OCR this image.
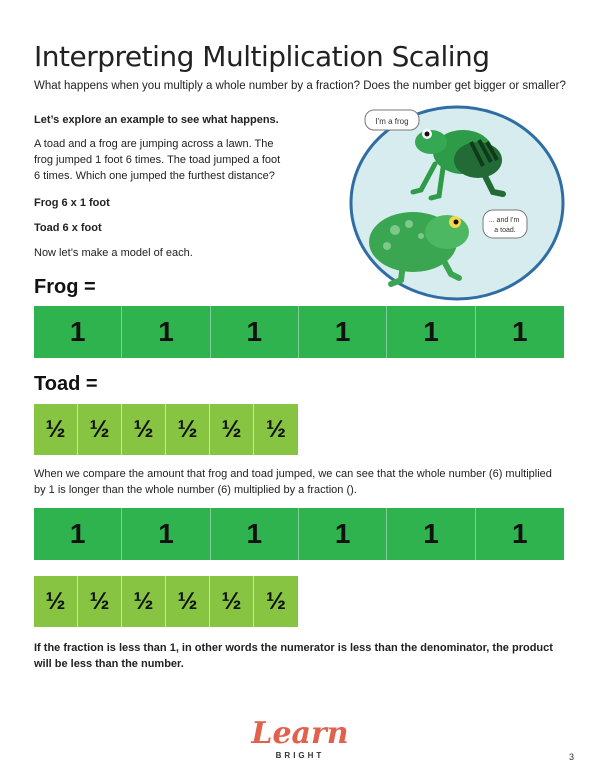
Interpreting Multiplication Scaling
What happens when you multiply a whole number by a fraction? Does the number get bigger or smaller?
Let’s explore an example to see what happens.
A toad and a frog are jumping across a lawn. The
frog jumped 1 foot 6 times. The toad jumped a foot
6 times. Which one jumped the furthest distance?
Frog 6 x 1 foot
Toad 6 x foot
Now let’s make a model of each.
I'm a frog
... and I'm a toad.
Frog =
1	1	1	1	1	1
Toad =
½ ½ ½ ½ ½	½
When we compare the amount that frog and toad jumped, we can see that the whole number (6) multiplied
by 1 is longer than the whole number (6) multiplied by a fraction ().
1	1	1	1	1	1
½ ½ ½ ½ ½	½
If the fraction is less than 1, in other words the numerator is less than the denominator, the product
will be less than the number.
Learn
BRIGHT	3
